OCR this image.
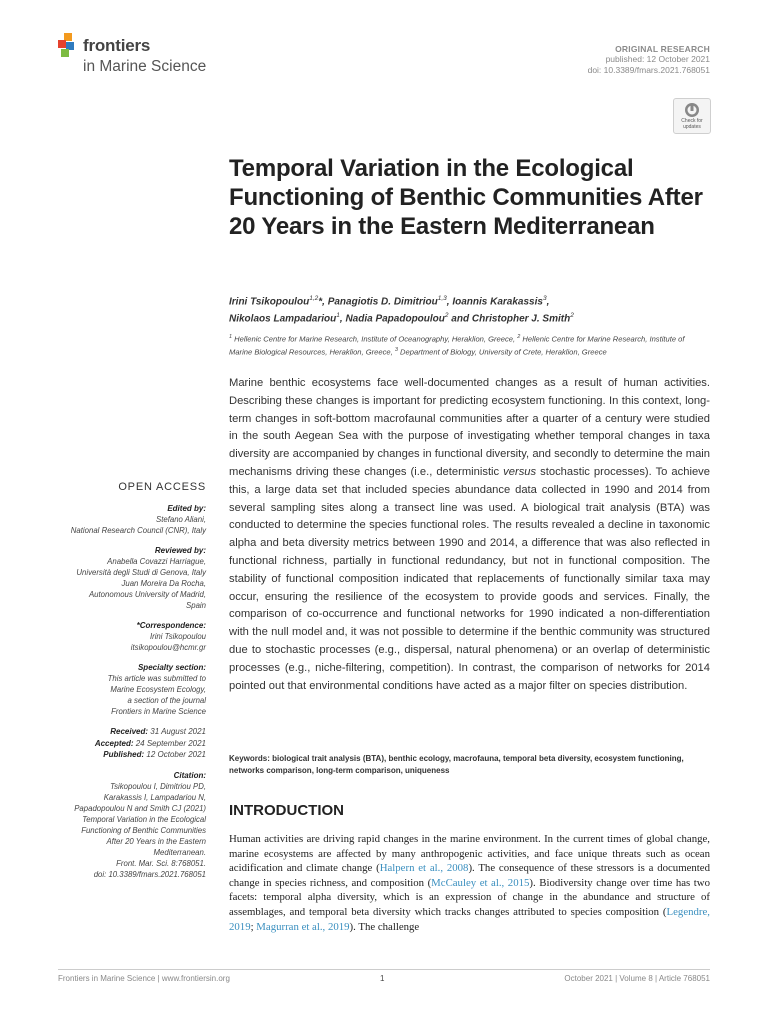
frontiers
in Marine Science
ORIGINAL RESEARCH
published: 12 October 2021
doi: 10.3389/fmars.2021.768051
Check for
updates
Temporal Variation in the Ecological Functioning of Benthic Communities After 20 Years in the Eastern Mediterranean
Irini Tsikopoulou$^{1,2}$*, Panagiotis D. Dimitriou$^{1,3}$, Ioannis Karakassis$^3$,
Nikolaos Lampadariou$^1$, Nadia Papadopoulou$^2$ and Christopher J. Smith$^2$
$^1$ Hellenic Centre for Marine Research, Institute of Oceanography, Heraklion, Greece, $^2$ Hellenic Centre for Marine Research, Institute of Marine Biological Resources, Heraklion, Greece, $^3$ Department of Biology, University of Crete, Heraklion, Greece

Marine benthic ecosystems face well-documented changes as a result of human activities. Describing these changes is important for predicting ecosystem functioning. In this context, long-term changes in soft-bottom macrofaunal communities after a quarter of a century were studied in the south Aegean Sea with the purpose of investigating whether temporal changes in taxa diversity are accompanied by changes in functional diversity, and secondly to determine the main mechanisms driving these changes (i.e., deterministic versus stochastic processes). To achieve this, a large data set that included species abundance data collected in 1990 and 2014 from several sampling sites along a transect line was used. A biological trait analysis (BTA) was conducted to determine the species functional roles. The results revealed a decline in taxonomic alpha and beta diversity metrics between 1990 and 2014, a difference that was also reflected in functional richness, partially in functional redundancy, but not in functional composition. The stability of functional composition indicated that replacements of functionally similar taxa may occur, ensuring the resilience of the ecosystem to provide goods and services. Finally, the comparison of co-occurrence and functional networks for 1990 indicated a non-differentiation with the null model and, it was not possible to determine if the benthic community was structured due to stochastic processes (e.g., dispersal, natural phenomena) or an overlap of deterministic processes (e.g., niche-filtering, competition). In contrast, the comparison of networks for 2014 pointed out that environmental conditions have acted as a major filter on species distribution.

Keywords: biological trait analysis (BTA), benthic ecology, macrofauna, temporal beta diversity, ecosystem functioning, networks comparison, long-term comparison, uniqueness

INTRODUCTION

Human activities are driving rapid changes in the marine environment. In the current times of global change, marine ecosystems are affected by many anthropogenic activities, and face unique threats such as ocean acidification and climate change (Halpern et al., 2008). The consequence of these stressors is a documented change in species richness, and composition (McCauley et al., 2015). Biodiversity change over time has two facets: temporal alpha diversity, which is an expression of change in the abundance and structure of assemblages, and temporal beta diversity which tracks changes attributed to species composition (Legendre, 2019; Magurran et al., 2019). The challenge

OPEN ACCESS
Edited by:
Stefano Aliani,
National Research Council (CNR), Italy
Reviewed by:
Anabella Covazzi Harriague,
Università degli Studi di Genova, Italy
Juan Moreira Da Rocha,
Autonomous University of Madrid,
Spain
*Correspondence:
Irini Tsikopoulou
itsikopoulou@hcmr.gr
Specialty section:
This article was submitted to
Marine Ecosystem Ecology,
a section of the journal
Frontiers in Marine Science
Received: 31 August 2021
Accepted: 24 September 2021
Published: 12 October 2021
Citation:
Tsikopoulou I, Dimitriou PD,
Karakassis I, Lampadariou N,
Papadopoulou N and Smith CJ (2021)
Temporal Variation in the Ecological
Functioning of Benthic Communities
After 20 Years in the Eastern
Mediterranean.
Front. Mar. Sci. 8:768051.
doi: 10.3389/fmars.2021.768051
Frontiers in Marine Science | www.frontiersin.org	1	October 2021 | Volume 8 | Article 768051
